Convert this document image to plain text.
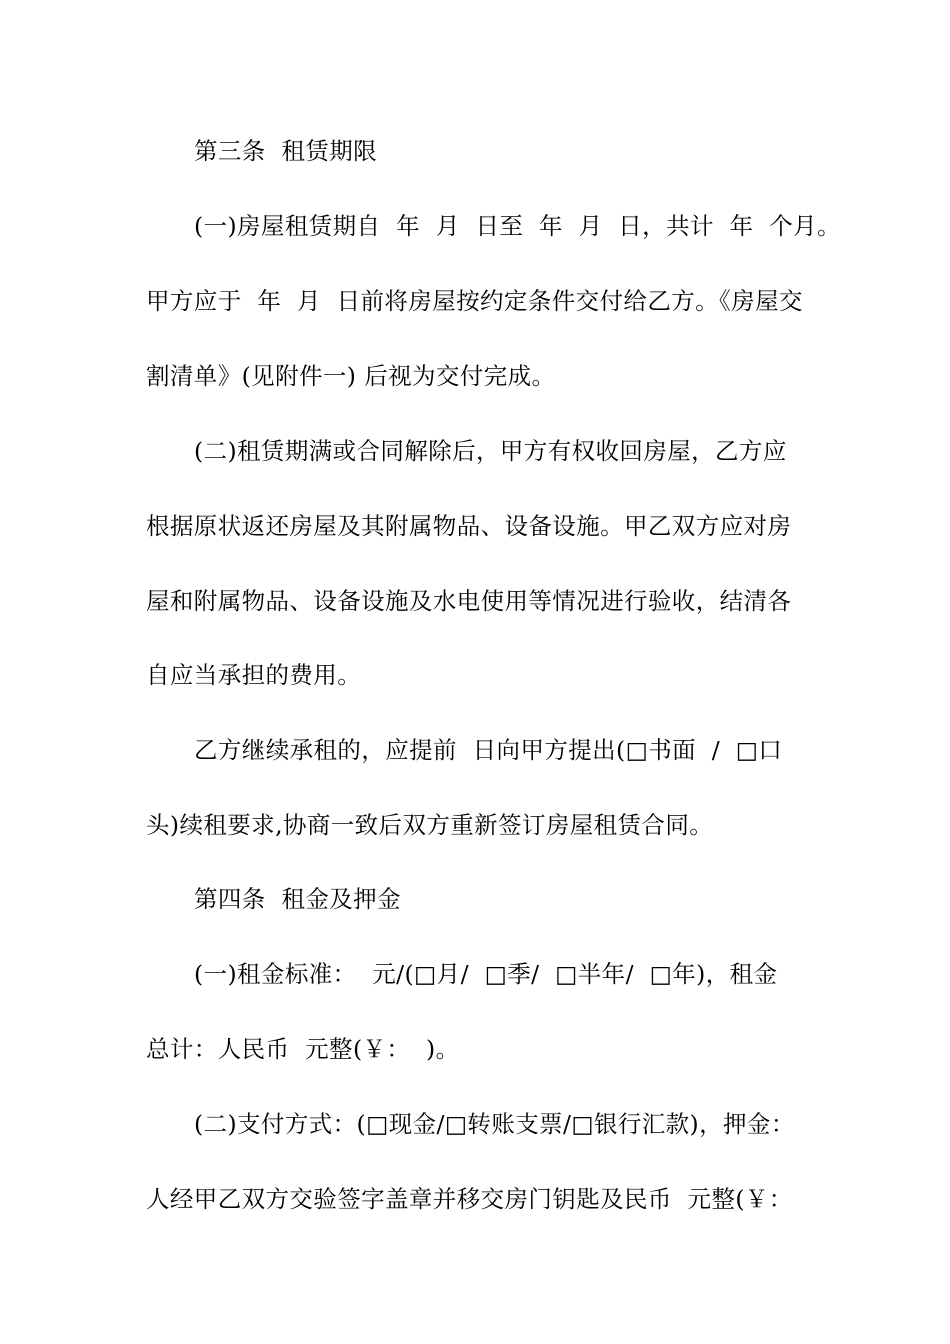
第三条  租赁期限
(一)房屋租赁期自  年  月  日至  年  月  日，共计  年  个月。
甲方应于  年  月  日前将房屋按约定条件交付给乙方。《房屋交
割清单》(见附件一) 后视为交付完成。
(二)租赁期满或合同解除后，甲方有权收回房屋，乙方应
根据原状返还房屋及其附属物品、设备设施。甲乙双方应对房
屋和附属物品、设备设施及水电使用等情况进行验收，结清各
自应当承担的费用。
乙方继续承租的，应提前  日向甲方提出(□书面  /  □口
头)续租要求,协商一致后双方重新签订房屋租赁合同。
第四条  租金及押金
(一)租金标准：  元/(□月/  □季/  □半年/  □年)，租金
总计：人民币  元整(￥：  )。
(二)支付方式：(□现金/□转账支票/□银行汇款)，押金：
人经甲乙双方交验签字盖章并移交房门钥匙及民币  元整(￥：
